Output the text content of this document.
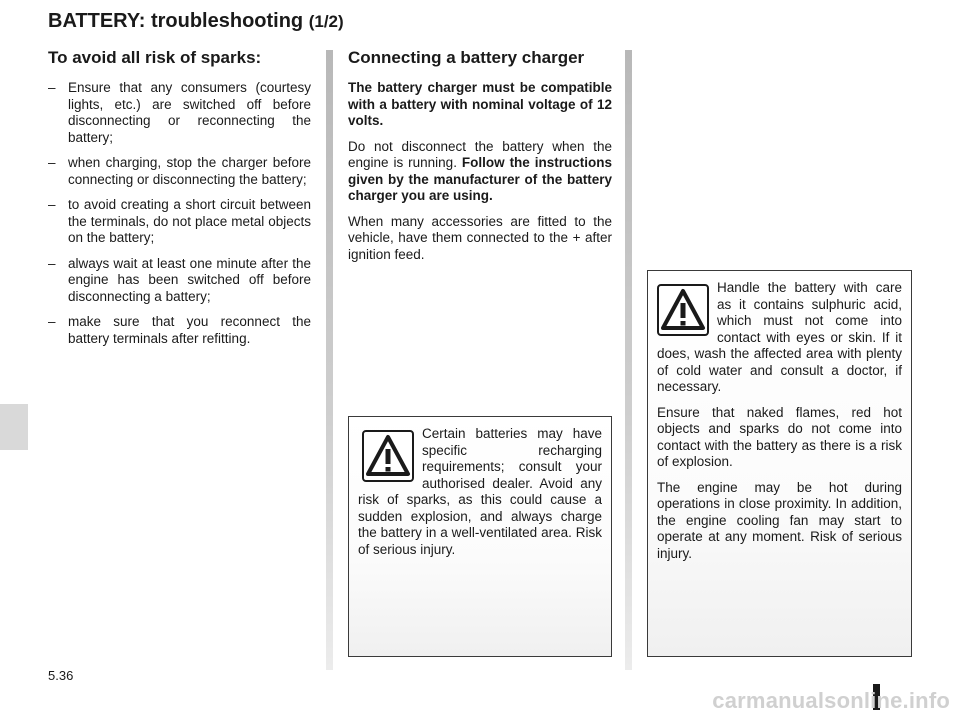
BATTERY: troubleshooting (1/2)
To avoid all risk of sparks:
– Ensure that any consumers (courtesy lights, etc.) are switched off before disconnecting or reconnecting the battery;
– when charging, stop the charger before connecting or disconnecting the battery;
– to avoid creating a short circuit between the terminals, do not place metal objects on the battery;
– always wait at least one minute after the engine has been switched off before disconnecting a battery;
– make sure that you reconnect the battery terminals after refitting.
Connecting a battery charger

The battery charger must be compatible with a battery with nominal voltage of 12 volts.

Do not disconnect the battery when the engine is running. Follow the instructions given by the manufacturer of the battery charger you are using.

When many accessories are fitted to the vehicle, have them connected to the + after ignition feed.

Certain batteries may have specific recharging requirements; consult your authorised dealer. Avoid any risk of sparks, as this could cause a sudden explosion, and always charge the battery in a well-ventilated area. Risk of serious injury.

Handle the battery with care as it contains sulphuric acid, which must not come into contact with eyes or skin. If it does, wash the affected area with plenty of cold water and consult a doctor, if necessary.

Ensure that naked flames, red hot objects and sparks do not come into contact with the battery as there is a risk of explosion.

The engine may be hot during operations in close proximity. In addition, the engine cooling fan may start to operate at any moment. Risk of serious injury.

5.36
carmanualsonline.info
